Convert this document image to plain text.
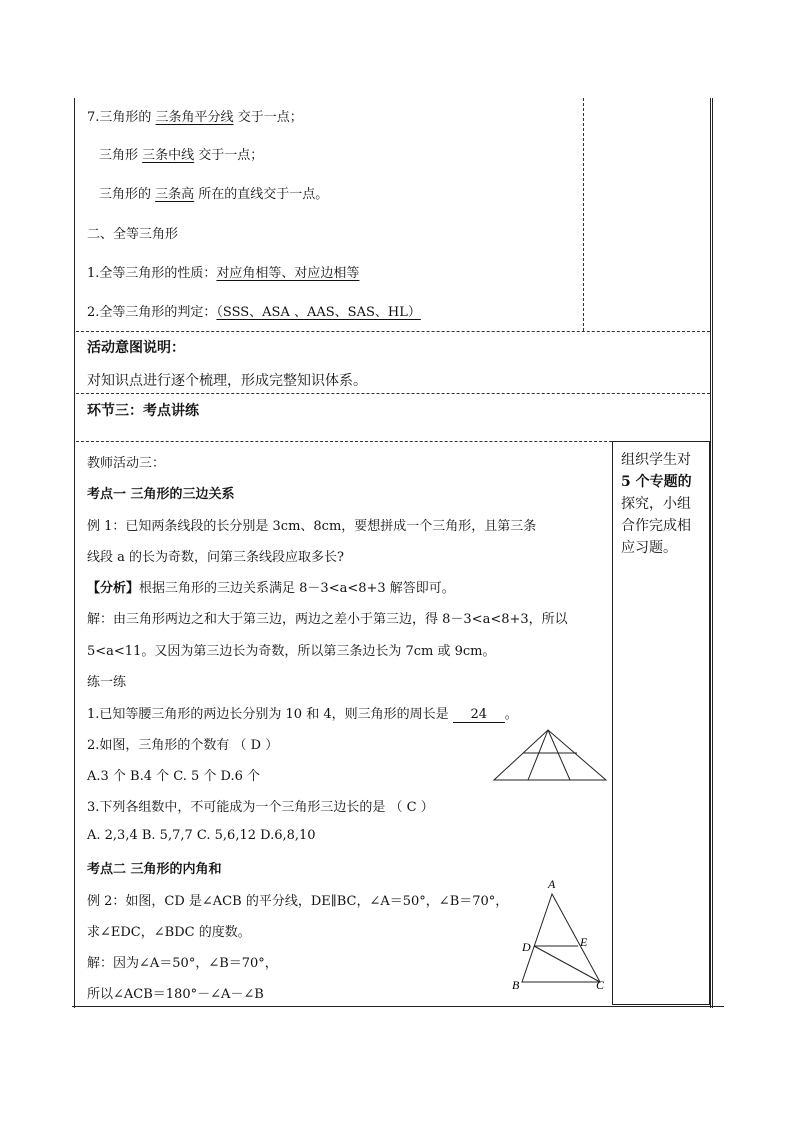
7.三角形的 三条角平分线 交于一点；
三角形 三条中线 交于一点；
三角形的 三条高 所在的直线交于一点。
二、全等三角形
1.全等三角形的性质：对应角相等、对应边相等
2.全等三角形的判定：（SSS、ASA 、AAS、SAS、HL）
活动意图说明：
对知识点进行逐个梳理，形成完整知识体系。
环节三：考点讲练
组织学生对
5 个专题的
探究，小组
合作完成相
应习题。
教师活动三：
考点一 三角形的三边关系
例 1：已知两条线段的长分别是 3cm、8cm，要想拼成一个三角形，且第三条
线段 a 的长为奇数，问第三条线段应取多长?
【分析】根据三角形的三边关系满足 8－3<a<8+3 解答即可。
解：由三角形两边之和大于第三边，两边之差小于第三边，得 8－3<a<8+3，所以
5<a<11。又因为第三边长为奇数，所以第三条边长为 7cm 或 9cm。
练一练
1.已知等腰三角形的两边长分别为 10 和 4，则三角形的周长是 24 。
2.如图，三角形的个数有 （ D ）
A.3 个 B.4 个 C. 5 个 D.6 个
3.下列各组数中，不可能成为一个三角形三边长的是 （ C ）
A. 2,3,4 B. 5,7,7 C. 5,6,12 D.6,8,10
考点二 三角形的内角和
例 2：如图，CD 是∠ACB 的平分线，DE∥BC，∠A＝50°，∠B＝70°，
求∠EDC，∠BDC 的度数。
解：因为∠A＝50°，∠B＝70°，
所以∠ACB＝180°－∠A－∠B
A
D	E
B	C
